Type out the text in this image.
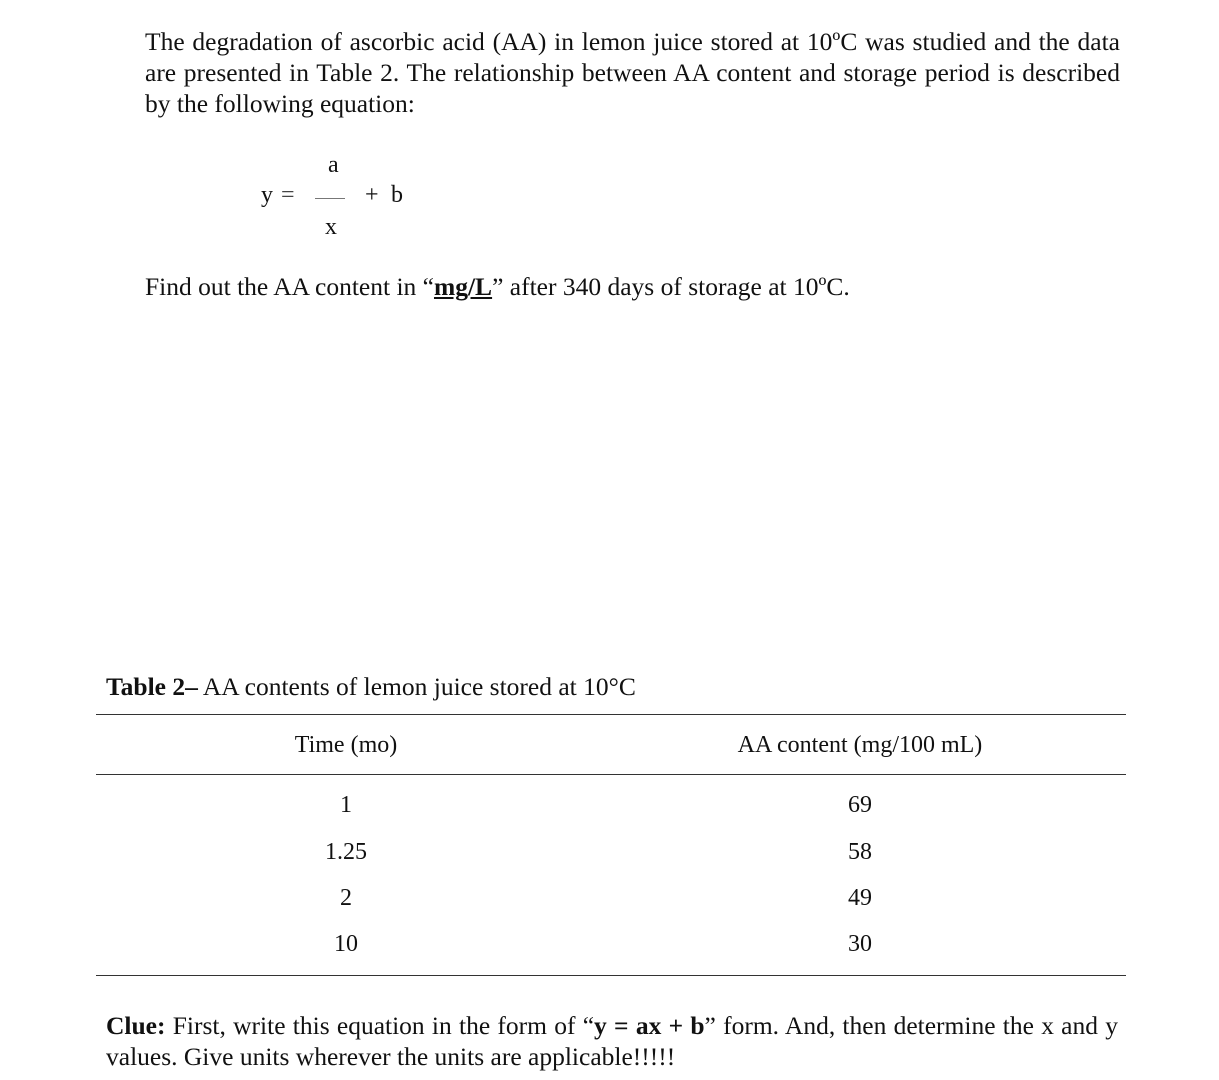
The degradation of ascorbic acid (AA) in lemon juice stored at 10ºC was studied and the data are presented in Table 2. The relationship between AA content and storage period is described by the following equation:

y =
a
x
+ b

Find out the AA content in “mg/L” after 340 days of storage at 10ºC.

Table 2– AA contents of lemon juice stored at 10°C

Time (mo)	AA content (mg/100 mL)
1	69
1.25	58
2	49
10	30

Clue: First, write this equation in the form of “y = ax + b” form. And, then determine the x and y values. Give units wherever the units are applicable!!!!!
